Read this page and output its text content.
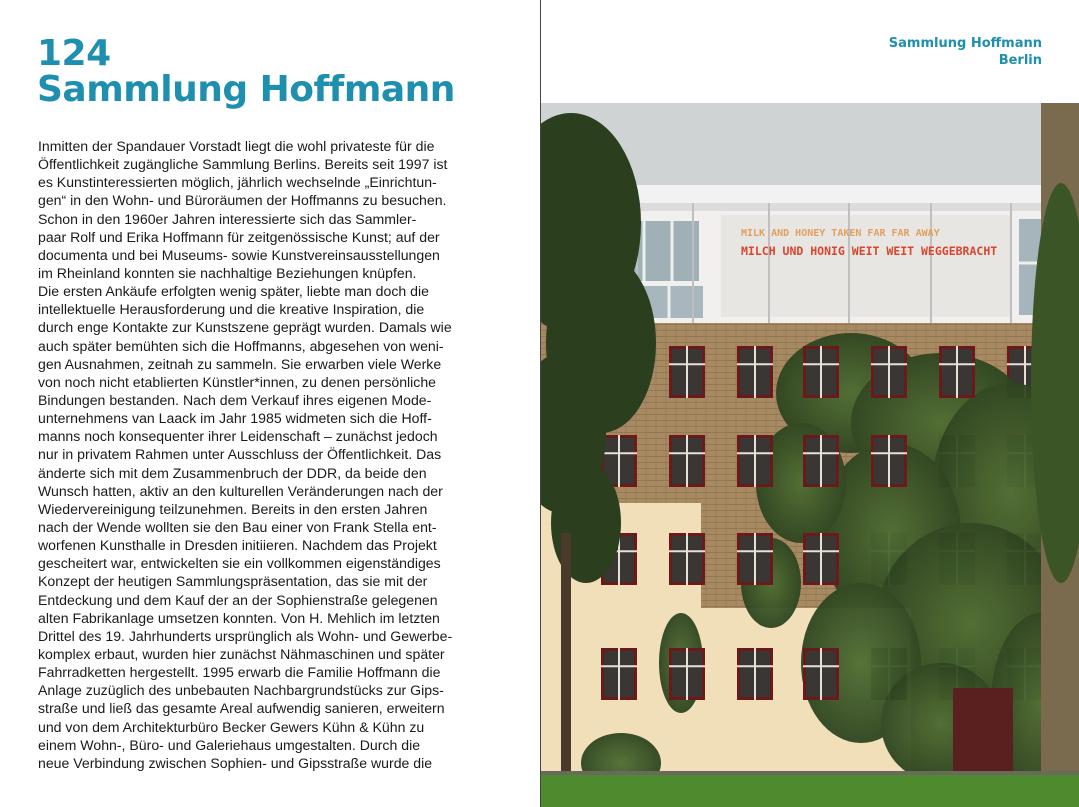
124
Sammlung Hoffmann
Inmitten der Spandauer Vorstadt liegt die wohl privateste für die
Öffentlichkeit zugängliche Sammlung Berlins. Bereits seit 1997 ist
es Kunstinteressierten möglich, jährlich wechselnde „Einrichtun-
gen“ in den Wohn- und Büroräumen der Hoffmanns zu besuchen.
Schon in den 1960er Jahren interessierte sich das Sammler-
paar Rolf und Erika Hoffmann für zeitgenössische Kunst; auf der
documenta und bei Museums- sowie Kunstvereinsausstellungen
im Rheinland konnten sie nachhaltige Beziehungen knüpfen.
Die ersten Ankäufe erfolgten wenig später, liebte man doch die
intellektuelle Herausforderung und die kreative Inspiration, die
durch enge Kontakte zur Kunstszene geprägt wurden. Damals wie
auch später bemühten sich die Hoffmanns, abgesehen von weni-
gen Ausnahmen, zeitnah zu sammeln. Sie erwarben viele Werke
von noch nicht etablierten Künstler*innen, zu denen persönliche
Bindungen bestanden. Nach dem Verkauf ihres eigenen Mode-
unternehmens van Laack im Jahr 1985 widmeten sich die Hoff-
manns noch konsequenter ihrer Leidenschaft – zunächst jedoch
nur in privatem Rahmen unter Ausschluss der Öffentlichkeit. Das
änderte sich mit dem Zusammenbruch der DDR, da beide den
Wunsch hatten, aktiv an den kulturellen Veränderungen nach der
Wiedervereinigung teilzunehmen. Bereits in den ersten Jahren
nach der Wende wollten sie den Bau einer von Frank Stella ent-
worfenen Kunsthalle in Dresden initiieren. Nachdem das Projekt
gescheitert war, entwickelten sie ein vollkommen eigenständiges
Konzept der heutigen Sammlungspräsentation, das sie mit der
Entdeckung und dem Kauf der an der Sophienstraße gelegenen
alten Fabrikanlage umsetzen konnten. Von H. Mehlich im letzten
Drittel des 19. Jahrhunderts ursprünglich als Wohn- und Gewerbe-
komplex erbaut, wurden hier zunächst Nähmaschinen und später
Fahrradketten hergestellt. 1995 erwarb die Familie Hoffmann die
Anlage zuzüglich des unbebauten Nachbargrundstücks zur Gips-
straße und ließ das gesamte Areal aufwendig sanieren, erweitern
und von dem Architekturbüro Becker Gewers Kühn & Kühn zu
einem Wohn-, Büro- und Galeriehaus umgestalten. Durch die
neue Verbindung zwischen Sophien- und Gipsstraße wurde die
Sammlung Hoffmann
Berlin
MILK AND HONEY TAKEN FAR FAR AWAY
MILCH UND HONIG WEIT WEIT WEGGEBRACHT
